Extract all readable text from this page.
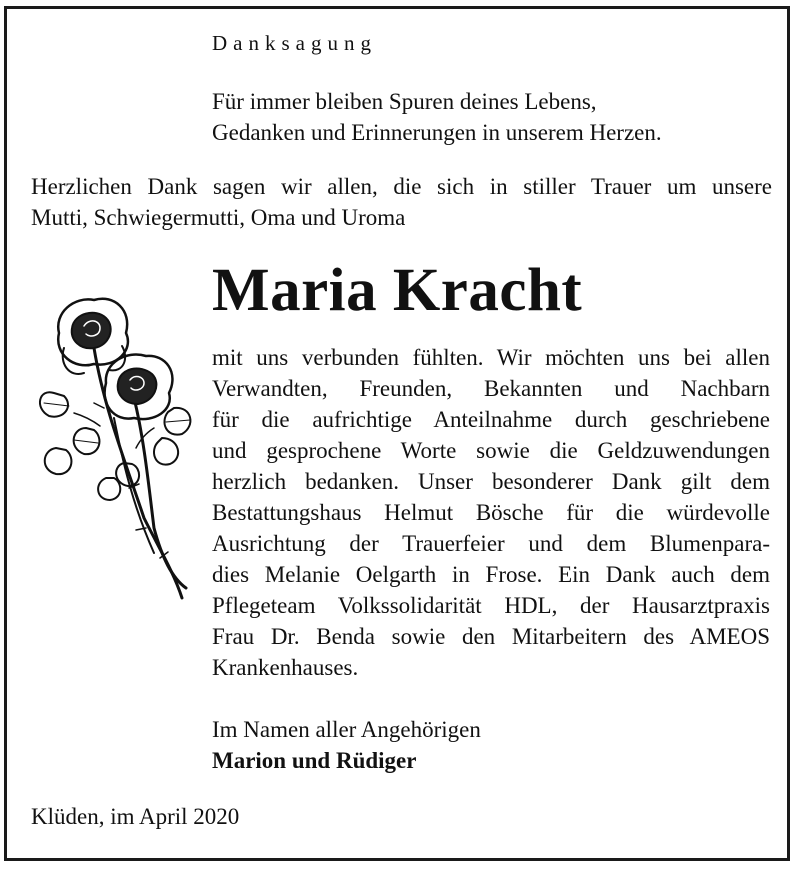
Danksagung

Für immer bleiben Spuren deines Lebens,
Gedanken und Erinnerungen in unserem Herzen.
Herzlichen Dank sagen wir allen, die sich in stiller Trauer um unsere
Mutti, Schwiegermutti, Oma und Uroma

Maria Kracht

mit uns verbunden fühlten. Wir möchten uns bei allen
Verwandten, Freunden, Bekannten und Nachbarn
für die aufrichtige Anteilnahme durch geschriebene
und gesprochene Worte sowie die Geldzuwendungen
herzlich bedanken. Unser besonderer Dank gilt dem
Bestattungshaus Helmut Bösche für die würdevolle
Ausrichtung der Trauerfeier und dem Blumenpara-
dies Melanie Oelgarth in Frose. Ein Dank auch dem
Pflegeteam Volkssolidarität HDL, der Hausarztpraxis
Frau Dr. Benda sowie den Mitarbeitern des AMEOS
Krankenhauses.

Im Namen aller Angehörigen

Marion und Rüdiger

Klüden, im April 2020
